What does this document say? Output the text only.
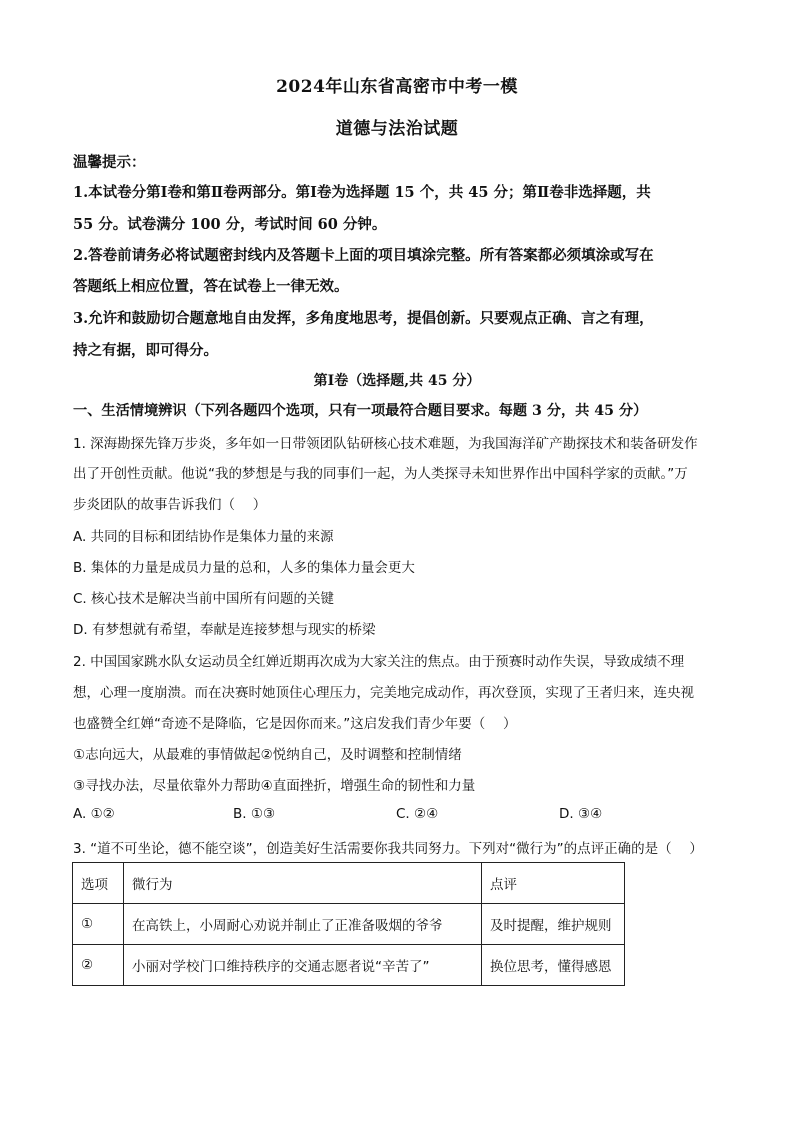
2024年山东省高密市中考一模
道德与法治试题
温馨提示：
1.本试卷分第Ⅰ卷和第Ⅱ卷两部分。第Ⅰ卷为选择题 15 个，共 45 分；第Ⅱ卷非选择题，共
55 分。试卷满分 100 分，考试时间 60 分钟。
2.答卷前请务必将试题密封线内及答题卡上面的项目填涂完整。所有答案都必须填涂或写在
答题纸上相应位置，答在试卷上一律无效。
3.允许和鼓励切合题意地自由发挥，多角度地思考，提倡创新。只要观点正确、言之有理，
持之有据，即可得分。
第Ⅰ卷（选择题,共 45 分）
一、生活情境辨识（下列各题四个选项，只有一项最符合题目要求。每题 3 分，共 45 分）
1. 深海勘探先锋万步炎，多年如一日带领团队钻研核心技术难题，为我国海洋矿产勘探技术和装备研发作
出了开创性贡献。他说“我的梦想是与我的同事们一起，为人类探寻未知世界作出中国科学家的贡献。”万
步炎团队的故事告诉我们（　 ）
A. 共同的目标和团结协作是集体力量的来源
B. 集体的力量是成员力量的总和，人多的集体力量会更大
C. 核心技术是解决当前中国所有问题的关键
D. 有梦想就有希望，奉献是连接梦想与现实的桥梁
2. 中国国家跳水队女运动员全红婵近期再次成为大家关注的焦点。由于预赛时动作失误，导致成绩不理
想，心理一度崩溃。而在决赛时她顶住心理压力，完美地完成动作，再次登顶，实现了王者归来，连央视
也盛赞全红婵“奇迹不是降临，它是因你而来。”这启发我们青少年要（　 ）
①志向远大，从最难的事情做起②悦纳自己，及时调整和控制情绪
③寻找办法，尽量依靠外力帮助④直面挫折，增强生命的韧性和力量
A. ①②	B. ①③	C. ②④	D. ③④
3. “道不可坐论，德不能空谈”，创造美好生活需要你我共同努力。下列对“微行为”的点评正确的是（　 ）
选项	微行为	点评
①	在高铁上，小周耐心劝说并制止了正准备吸烟的爷爷	及时提醒，维护规则
②	小丽对学校门口维持秩序的交通志愿者说“辛苦了”	换位思考，懂得感恩
